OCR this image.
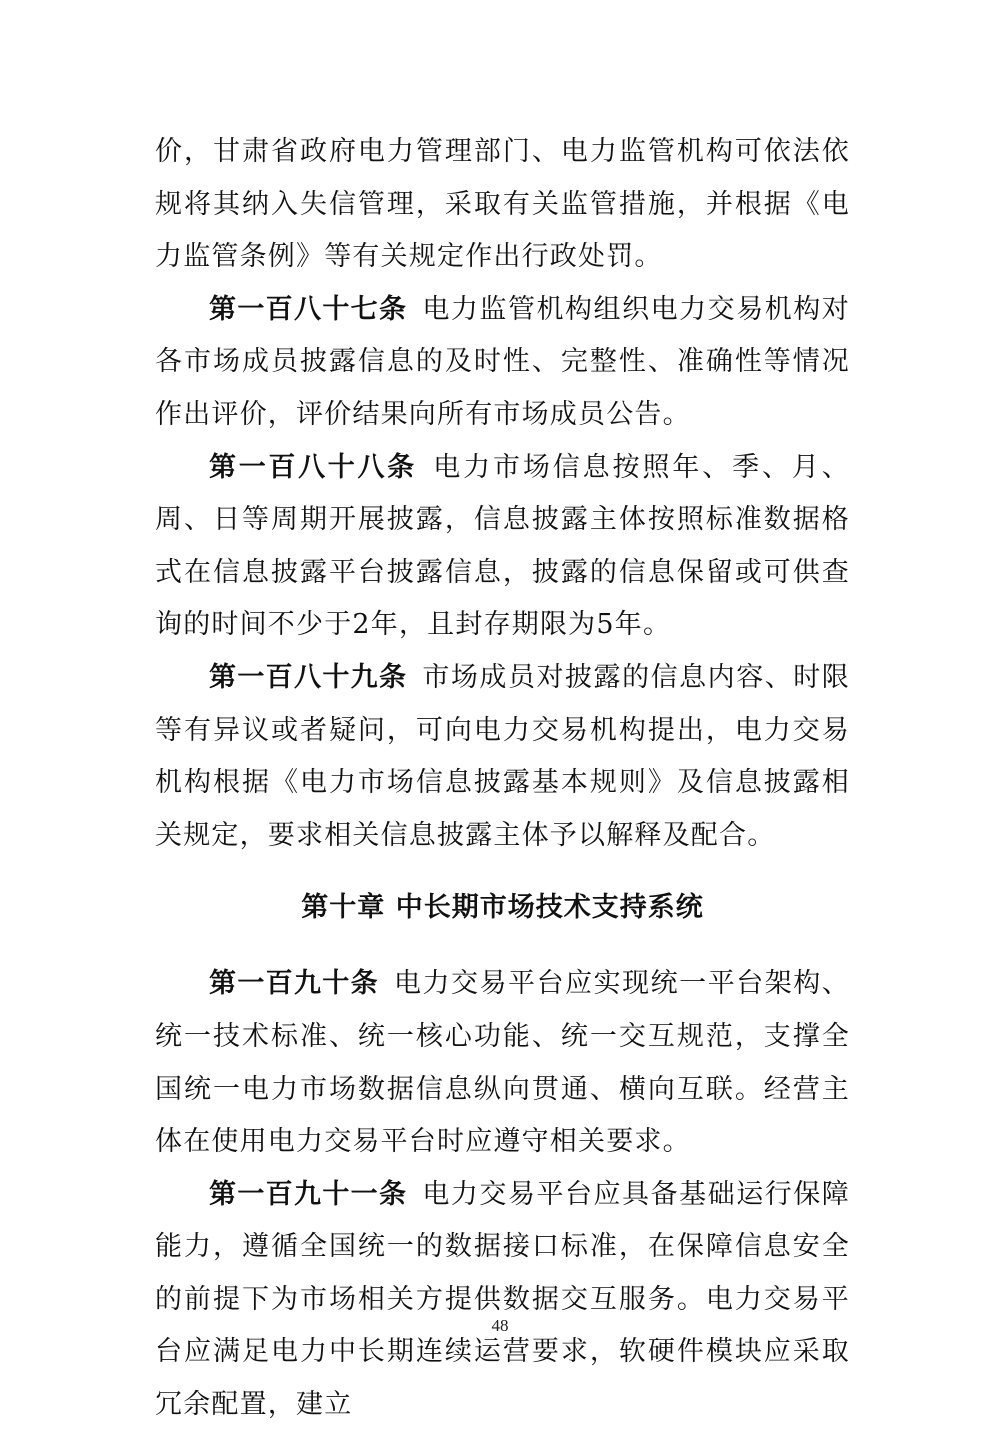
价，甘肃省政府电力管理部门、电力监管机构可依法依规将其纳入失信管理，采取有关监管措施，并根据《电力监管条例》等有关规定作出行政处罚。

第一百八十七条  电力监管机构组织电力交易机构对各市场成员披露信息的及时性、完整性、准确性等情况作出评价，评价结果向所有市场成员公告。

第一百八十八条  电力市场信息按照年、季、月、周、日等周期开展披露，信息披露主体按照标准数据格式在信息披露平台披露信息，披露的信息保留或可供查询的时间不少于2年，且封存期限为5年。

第一百八十九条  市场成员对披露的信息内容、时限等有异议或者疑问，可向电力交易机构提出，电力交易机构根据《电力市场信息披露基本规则》及信息披露相关规定，要求相关信息披露主体予以解释及配合。

第十章 中长期市场技术支持系统

第一百九十条  电力交易平台应实现统一平台架构、统一技术标准、统一核心功能、统一交互规范，支撑全国统一电力市场数据信息纵向贯通、横向互联。经营主体在使用电力交易平台时应遵守相关要求。

第一百九十一条  电力交易平台应具备基础运行保障能力，遵循全国统一的数据接口标准，在保障信息安全的前提下为市场相关方提供数据交互服务。电力交易平台应满足电力中长期连续运营要求，软硬件模块应采取冗余配置，建立

48
